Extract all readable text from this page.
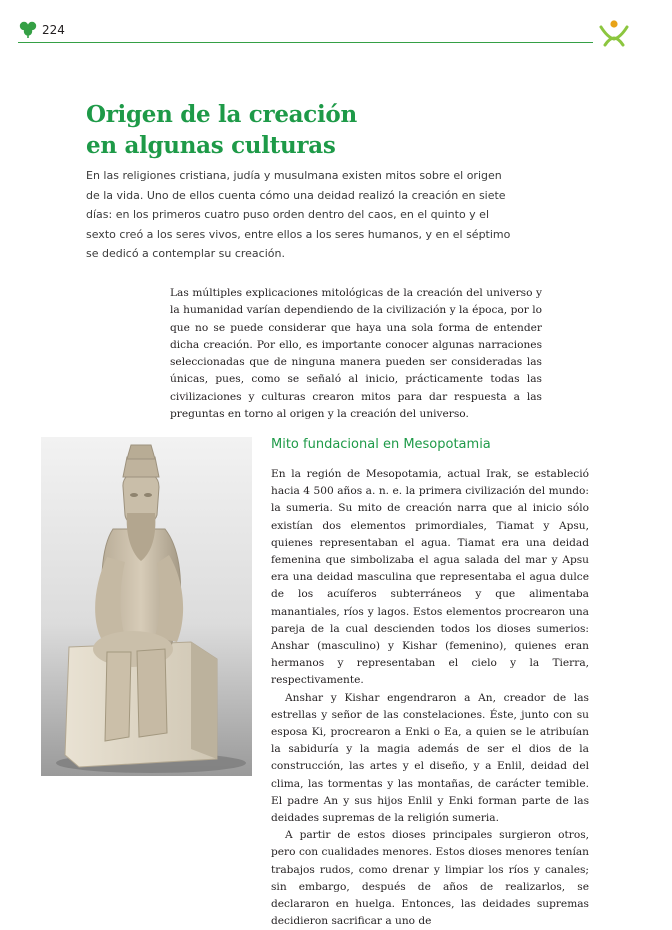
224
Origen de la creación
en algunas culturas

En las religiones cristiana, judía y musulmana existen mitos sobre el origen de la vida. Uno de ellos cuenta cómo una deidad realizó la creación en siete días: en los primeros cuatro puso orden dentro del caos, en el quinto y el sexto creó a los seres vivos, entre ellos a los seres humanos, y en el séptimo se dedicó a contemplar su creación.

Las múltiples explicaciones mitológicas de la creación del universo y la humanidad varían dependiendo de la civilización y la época, por lo que no se puede considerar que haya una sola forma de entender dicha creación. Por ello, es importante conocer algunas narraciones seleccionadas que de ninguna manera pueden ser consideradas las únicas, pues, como se señaló al inicio, prácticamente todas las civilizaciones y culturas crearon mitos para dar respuesta a las preguntas en torno al origen y la creación del universo.

Mito fundacional en Mesopotamia

En la región de Mesopotamia, actual Irak, se estableció hacia 4 500 años a. n. e. la primera civilización del mundo: la sumeria. Su mito de creación narra que al inicio sólo existían dos elementos primordiales, Tiamat y Apsu, quienes representaban el agua. Tiamat era una deidad femenina que simbolizaba el agua salada del mar y Apsu era una deidad masculina que representaba el agua dulce de los acuíferos subterráneos y que alimentaba manantiales, ríos y lagos. Estos elementos procrearon una pareja de la cual descienden todos los dioses sumerios: Anshar (masculino) y Kishar (femenino), quienes eran hermanos y representaban el cielo y la Tierra, respectivamente.

Anshar y Kishar engendraron a An, creador de las estrellas y señor de las constelaciones. Éste, junto con su esposa Ki, procrearon a Enki o Ea, a quien se le atribuían la sabiduría y la magia además de ser el dios de la construcción, las artes y el diseño, y a Enlil, deidad del clima, las tormentas y las montañas, de carácter temible. El padre An y sus hijos Enlil y Enki forman parte de las deidades supremas de la religión sumeria.

A partir de estos dioses principales surgieron otros, pero con cualidades menores. Estos dioses menores tenían trabajos rudos, como drenar y limpiar los ríos y canales; sin embargo, después de años de realizarlos, se declararon en huelga. Entonces, las deidades supremas decidieron sacrificar a uno de
